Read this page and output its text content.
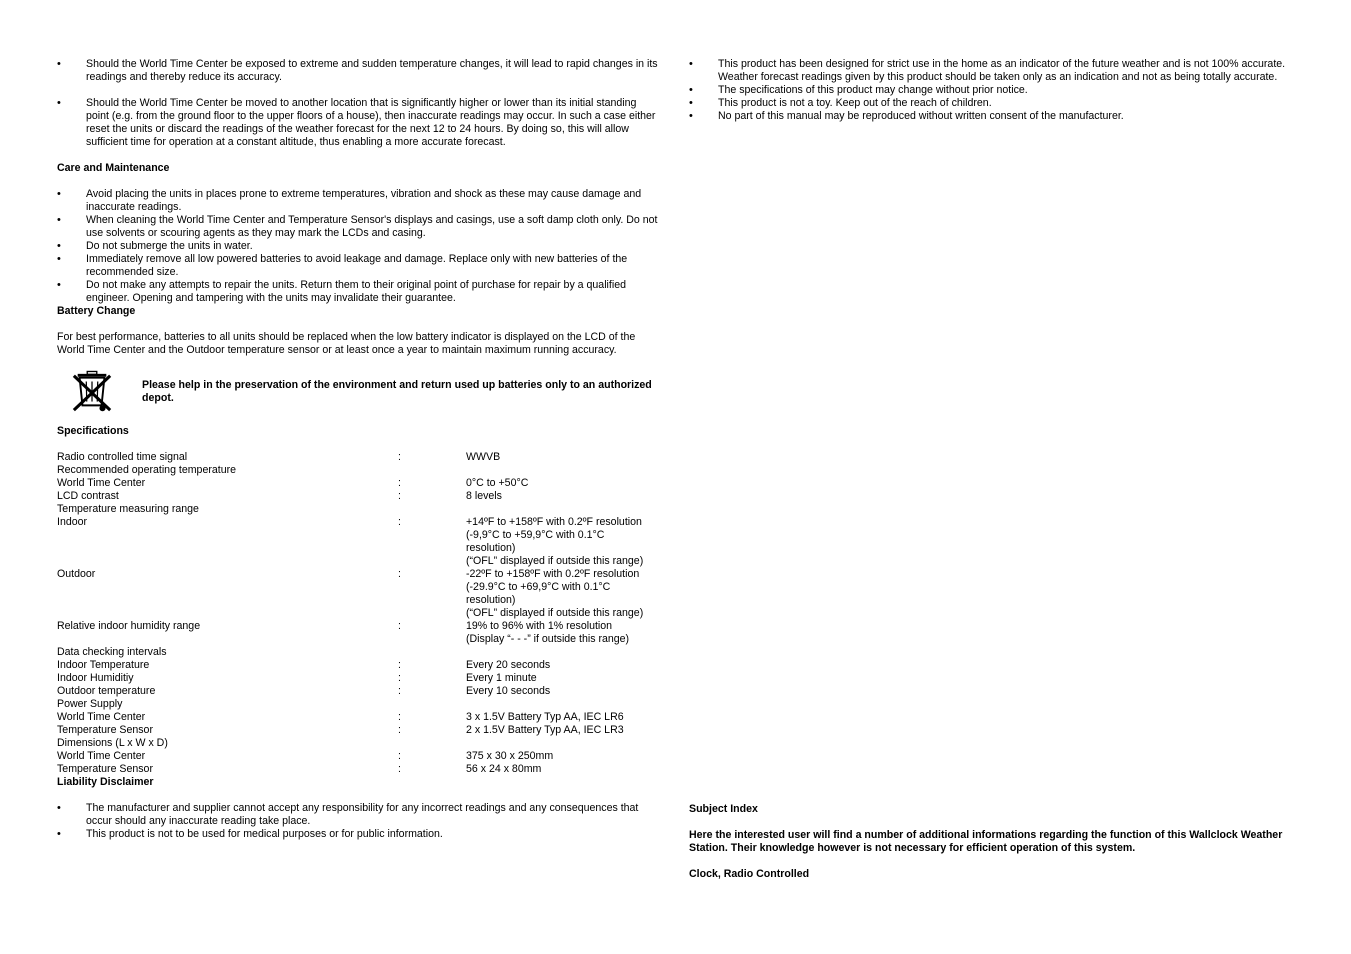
• Should the World Time Center be exposed to extreme and sudden temperature changes, it will lead to rapid changes in its readings and thereby reduce its accuracy.
• Should the World Time Center be moved to another location that is significantly higher or lower than its initial standing point (e.g. from the ground floor to the upper floors of a house), then inaccurate readings may occur. In such a case either reset the units or discard the readings of the weather forecast for the next 12 to 24 hours. By doing so, this will allow sufficient time for operation at a constant altitude, thus enabling a more accurate forecast.
Care and Maintenance
• Avoid placing the units in places prone to extreme temperatures, vibration and shock as these may cause damage and inaccurate readings.
• When cleaning the World Time Center and Temperature Sensor's displays and casings, use a soft damp cloth only. Do not use solvents or scouring agents as they may mark the LCDs and casing.
• Do not submerge the units in water.
• Immediately remove all low powered batteries to avoid leakage and damage. Replace only with new batteries of the recommended size.
• Do not make any attempts to repair the units. Return them to their original point of purchase for repair by a qualified engineer. Opening and tampering with the units may invalidate their guarantee.
Battery Change

For best performance, batteries to all units should be replaced when the low battery indicator is displayed on the LCD of the World Time Center and the Outdoor temperature sensor or at least once a year to maintain maximum running accuracy.

Please help in the preservation of the environment and return used up batteries only to an authorized depot.
Specifications
Radio controlled time signal	:	WWVB
Recommended operating temperature		
World Time Center	:	0°C to +50°C
LCD contrast	:	8 levels
Temperature measuring range		
Indoor	:	+14ºF to +158ºF with 0.2ºF resolution
		(-9,9°C to +59,9°C with 0.1°C
		resolution)
		(“OFL” displayed if outside this range)
Outdoor	:	-22ºF to +158ºF with 0.2ºF resolution
		(-29.9°C to +69,9°C with 0.1°C
		resolution)
		(“OFL” displayed if outside this range)
Relative indoor humidity range	:	19% to 96% with 1% resolution
		(Display “- - -” if outside this range)
Data checking intervals		
Indoor Temperature	:	Every 20 seconds
Indoor Humiditiy	:	Every 1 minute
Outdoor temperature	:	Every 10 seconds
Power Supply		
World Time Center	:	3 x 1.5V Battery Typ AA, IEC LR6
Temperature Sensor	:	2 x 1.5V Battery Typ AA, IEC LR3
Dimensions (L x W x D)		
World Time Center	:	375 x 30 x 250mm
Temperature Sensor	:	56 x 24 x 80mm
Liability Disclaimer
• The manufacturer and supplier cannot accept any responsibility for any incorrect readings and any consequences that occur should any inaccurate reading take place.
• This product is not to be used for medical purposes or for public information.
• This product has been designed for strict use in the home as an indicator of the future weather and is not 100% accurate. Weather forecast readings given by this product should be taken only as an indication and not as being totally accurate.
• The specifications of this product may change without prior notice.
• This product is not a toy. Keep out of the reach of children.
• No part of this manual may be reproduced without written consent of the manufacturer.
Subject Index

Here the interested user will find a number of additional informations regarding the function of this Wallclock Weather Station. Their knowledge however is not necessary for efficient operation of this system.

Clock, Radio Controlled
